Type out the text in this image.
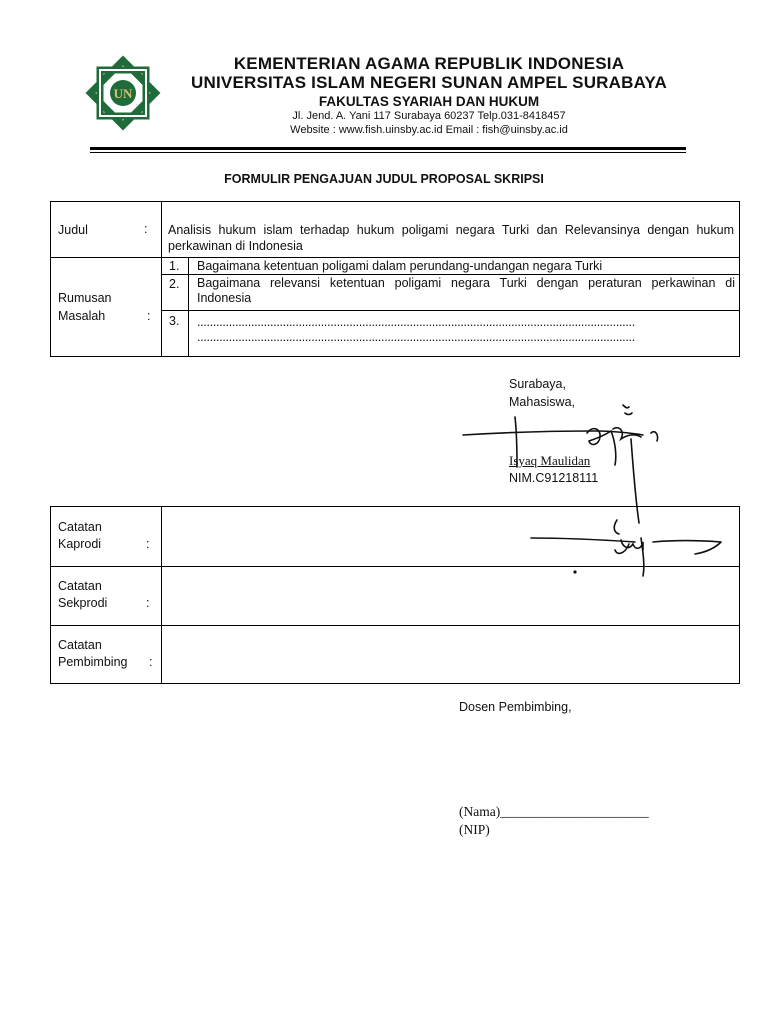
UN
KEMENTERIAN AGAMA REPUBLIK INDONESIA
UNIVERSITAS ISLAM NEGERI SUNAN AMPEL SURABAYA
FAKULTAS SYARIAH DAN HUKUM
Jl. Jend. A. Yani 117 Surabaya 60237 Telp.031-8418457
Website : www.fish.uinsby.ac.id Email : fish@uinsby.ac.id
FORMULIR PENGAJUAN JUDUL PROPOSAL SKRIPSI
Judul	: Analisis hukum islam terhadap hukum poligami negara Turki dan Relevansinya dengan hukum perkawinan di Indonesia
Rumusan
Masalah	:
1. Bagaimana ketentuan poligami dalam perundang-undangan negara Turki
2. Bagaimana relevansi ketentuan poligami negara Turki dengan peraturan perkawinan di Indonesia
3. ..........................................................................................................................................
..........................................................................................................................................
Surabaya,
Mahasiswa,
Isyaq Maulidan
NIM.C91218111
Catatan
Kaprodi	:
Catatan
Sekprodi	:
Catatan
Pembimbing :
Dosen Pembimbing,
(Nama)______________________
(NIP)
